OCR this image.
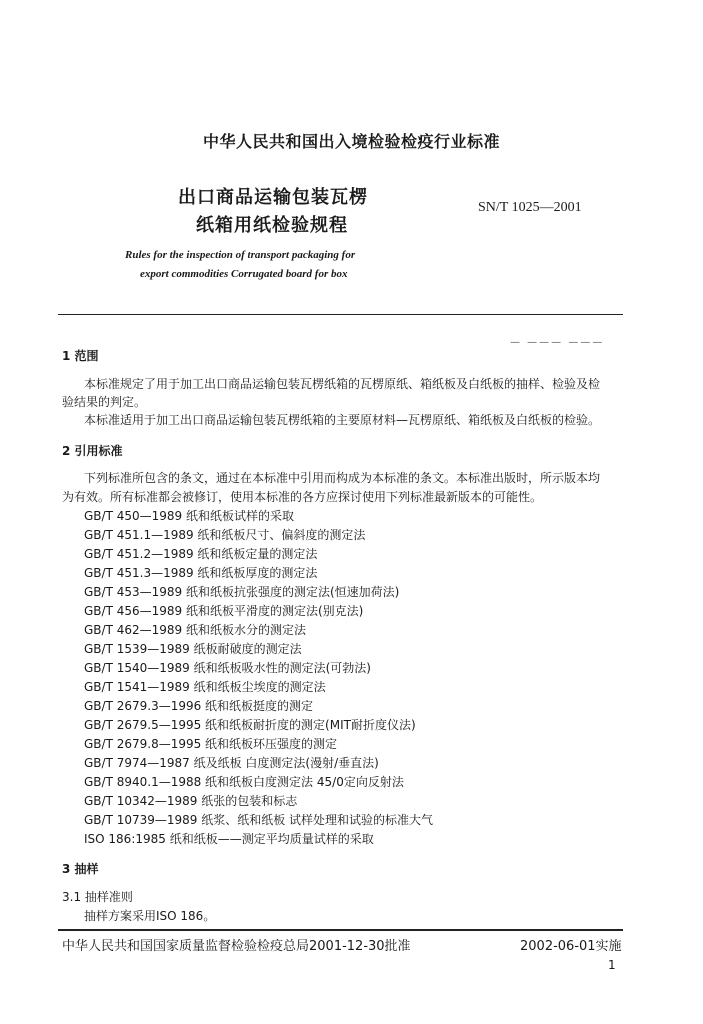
中华人民共和国出入境检验检疫行业标准
出口商品运输包装瓦楞
纸箱用纸检验规程
SN/T 1025—2001
Rules for the inspection of transport packaging for
export commodities Corrugated board for box
— ——— ———
1 范围
本标准规定了用于加工出口商品运输包装瓦楞纸箱的瓦楞原纸、箱纸板及白纸板的抽样、检验及检
验结果的判定。
本标准适用于加工出口商品运输包装瓦楞纸箱的主要原材料—瓦楞原纸、箱纸板及白纸板的检验。
2 引用标准
下列标准所包含的条文，通过在本标准中引用而构成为本标准的条文。本标准出版时，所示版本均
为有效。所有标准都会被修订，使用本标准的各方应探讨使用下列标准最新版本的可能性。
GB/T 450—1989 纸和纸板试样的采取
GB/T 451.1—1989 纸和纸板尺寸、偏斜度的测定法
GB/T 451.2—1989 纸和纸板定量的测定法
GB/T 451.3—1989 纸和纸板厚度的测定法
GB/T 453—1989 纸和纸板抗张强度的测定法(恒速加荷法)
GB/T 456—1989 纸和纸板平滑度的测定法(别克法)
GB/T 462—1989 纸和纸板水分的测定法
GB/T 1539—1989 纸板耐破度的测定法
GB/T 1540—1989 纸和纸板吸水性的测定法(可勃法)
GB/T 1541—1989 纸和纸板尘埃度的测定法
GB/T 2679.3—1996 纸和纸板挺度的测定
GB/T 2679.5—1995 纸和纸板耐折度的测定(MIT耐折度仪法)
GB/T 2679.8—1995 纸和纸板环压强度的测定
GB/T 7974—1987 纸及纸板 白度测定法(漫射/垂直法)
GB/T 8940.1—1988 纸和纸板白度测定法 45/0定向反射法
GB/T 10342—1989 纸张的包装和标志
GB/T 10739—1989 纸浆、纸和纸板 试样处理和试验的标准大气
ISO 186:1985 纸和纸板——测定平均质量试样的采取
3 抽样
3.1 抽样准则
抽样方案采用ISO 186。
中华人民共和国国家质量监督检验检疫总局2001-12-30批准	2002-06-01实施
1
